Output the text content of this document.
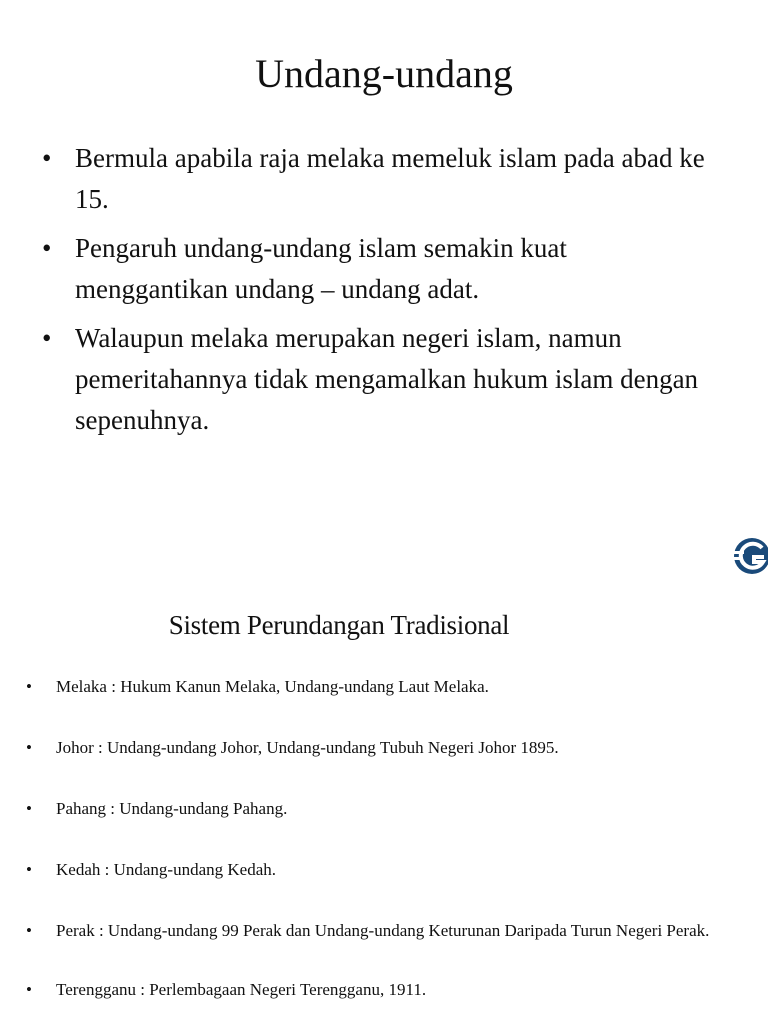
Undang-undang
• Bermula apabila raja melaka memeluk islam pada abad ke 15.
• Pengaruh undang-undang islam semakin kuat menggantikan undang – undang adat.
• Walaupun melaka merupakan negeri islam, namun pemeritahannya tidak mengamalkan hukum islam dengan sepenuhnya.
Sistem Perundangan Tradisional
• Melaka : Hukum Kanun Melaka, Undang-undang Laut Melaka.
• Johor : Undang-undang Johor, Undang-undang Tubuh Negeri Johor 1895.
• Pahang : Undang-undang Pahang.
• Kedah : Undang-undang Kedah.
• Perak : Undang-undang 99 Perak dan Undang-undang Keturunan Daripada Turun Negeri Perak.
• Terengganu : Perlembagaan Negeri Terengganu, 1911.
